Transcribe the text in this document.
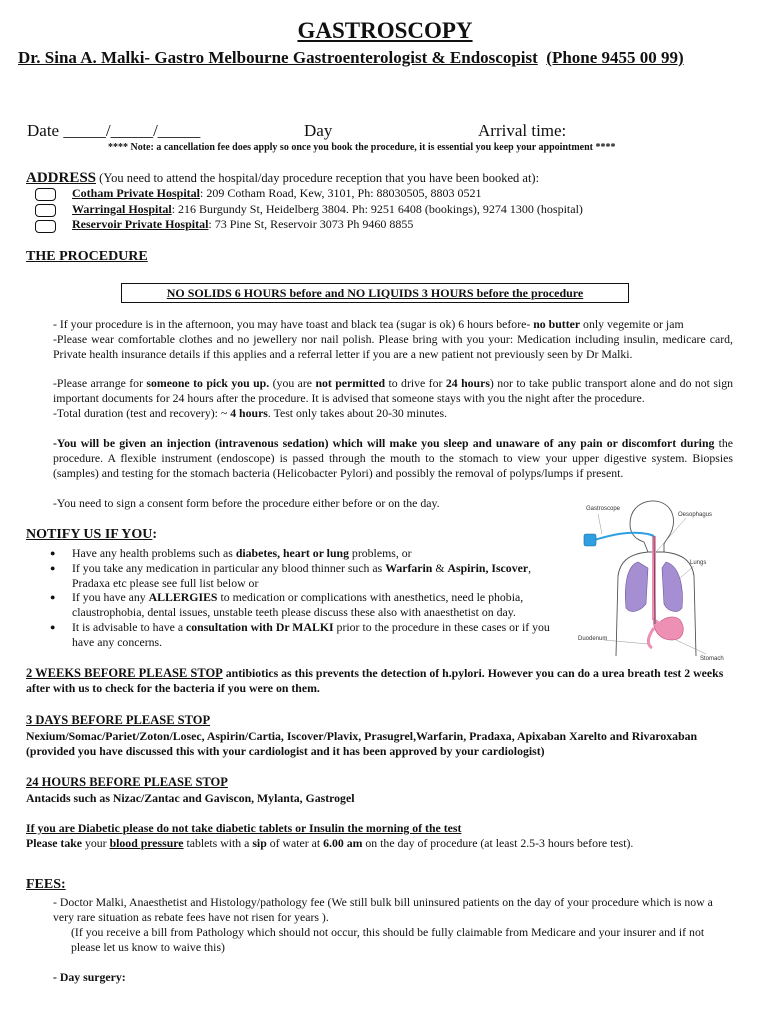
GASTROSCOPY
Dr. Sina A. Malki- Gastro Melbourne Gastroenterologist & Endoscopist (Phone 9455 00 99)
Date _____/_____/_____	Day	Arrival time:
**** Note: a cancellation fee does apply so once you book the procedure, it is essential you keep your appointment ****
ADDRESS (You need to attend the hospital/day procedure reception that you have been booked at):
Cotham Private Hospital: 209 Cotham Road, Kew, 3101, Ph: 88030505, 8803 0521
Warringal Hospital: 216 Burgundy St, Heidelberg 3804. Ph: 9251 6408 (bookings), 9274 1300 (hospital)
Reservoir Private Hospital: 73 Pine St, Reservoir 3073 Ph 9460 8855
THE PROCEDURE
NO SOLIDS 6 HOURS before and NO LIQUIDS 3 HOURS before the procedure
- If your procedure is in the afternoon, you may have toast and black tea (sugar is ok) 6 hours before- no butter only vegemite or jam
-Please wear comfortable clothes and no jewellery nor nail polish. Please bring with you your: Medication including insulin, medicare card, Private health insurance details if this applies and a referral letter if you are a new patient not previously seen by Dr Malki.
-Please arrange for someone to pick you up. (you are not permitted to drive for 24 hours) nor to take public transport alone and do not sign important documents for 24 hours after the procedure. It is advised that someone stays with you the night after the procedure.
-Total duration (test and recovery): ~ 4 hours. Test only takes about 20-30 minutes.
-You will be given an injection (intravenous sedation) which will make you sleep and unaware of any pain or discomfort during the procedure. A flexible instrument (endoscope) is passed through the mouth to the stomach to view your upper digestive system. Biopsies (samples) and testing for the stomach bacteria (Helicobacter Pylori) and possibly the removal of polyps/lumps if present.
-You need to sign a consent form before the procedure either before or on the day.
NOTIFY US IF YOU:
● Have any health problems such as diabetes, heart or lung problems, or
● If you take any medication in particular any blood thinner such as Warfarin & Aspirin, Iscover, Pradaxa etc please see full list below or
● If you have any ALLERGIES to medication or complications with anesthetics, need le phobia, claustrophobia, dental issues, unstable teeth please discuss these also with anaesthetist on day.
● It is advisable to have a consultation with Dr MALKI prior to the procedure in these cases or if you have any concerns.
Gastroscope
Oesophagus
Lungs
Duodenum
Stomach
2 WEEKS BEFORE PLEASE STOP antibiotics as this prevents the detection of h.pylori. However you can do a urea breath test 2 weeks after with us to check for the bacteria if you were on them.
3 DAYS BEFORE PLEASE STOP
Nexium/Somac/Pariet/Zoton/Losec, Aspirin/Cartia, Iscover/Plavix, Prasugrel,Warfarin, Pradaxa, Apixaban Xarelto and Rivaroxaban (provided you have discussed this with your cardiologist and it has been approved by your cardiologist)
24 HOURS BEFORE PLEASE STOP
Antacids such as Nizac/Zantac and Gaviscon, Mylanta, Gastrogel
If you are Diabetic please do not take diabetic tablets or Insulin the morning of the test
Please take your blood pressure tablets with a sip of water at 6.00 am on the day of procedure (at least 2.5-3 hours before test).
FEES:
- Doctor Malki, Anaesthetist and Histology/pathology fee (We still bulk bill uninsured patients on the day of your procedure which is now a very rare situation as rebate fees have not risen for years ).
(If you receive a bill from Pathology which should not occur, this should be fully claimable from Medicare and your insurer and if not please let us know to waive this)
- Day surgery:
